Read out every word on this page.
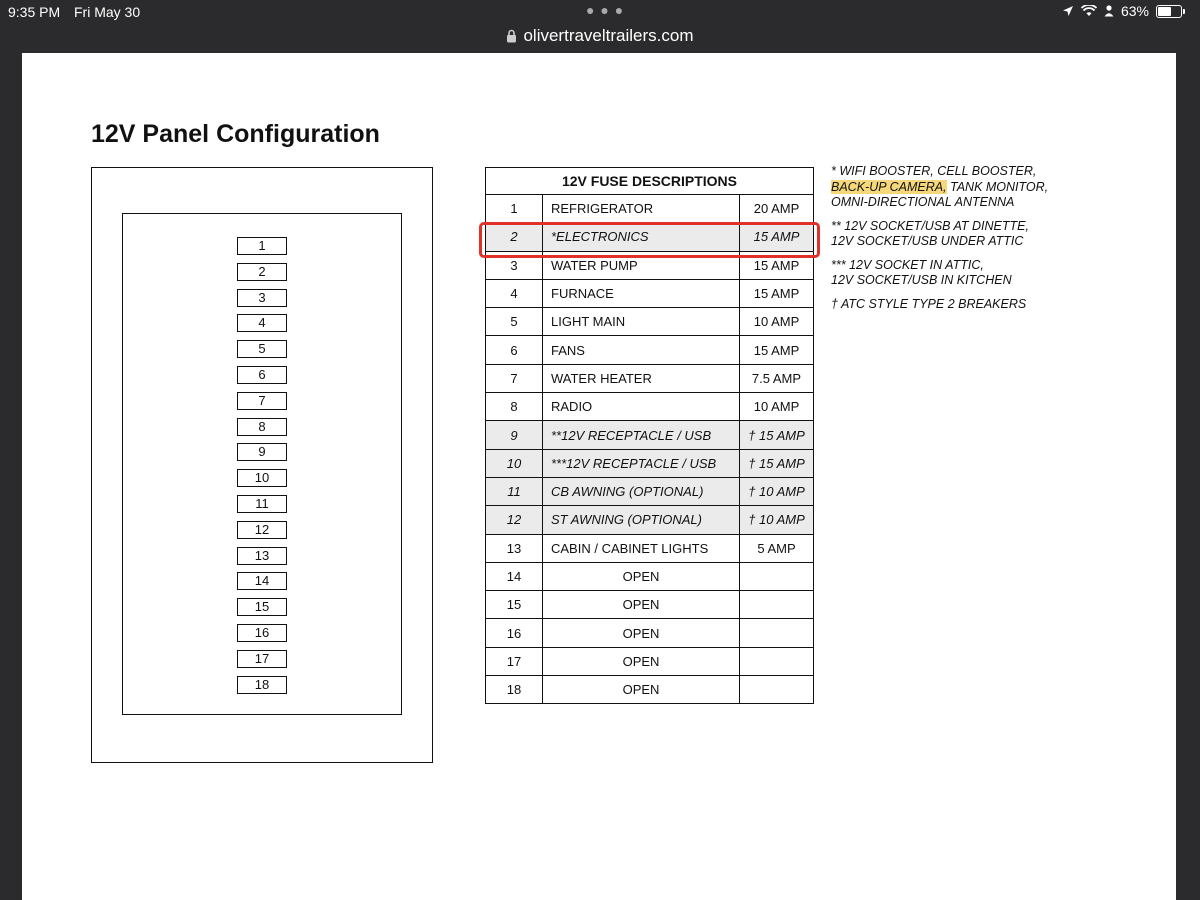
9:35 PM Fri May 30	● ● ●	63%
olivertraveltrailers.com
12V Panel Configuration
1
2
3
4
5
6
7
8
9
10
11
12
13
14
15
16
17
18
12V FUSE DESCRIPTIONS		
1	REFRIGERATOR	20 AMP
2	*ELECTRONICS	15 AMP
3	WATER PUMP	15 AMP
4	FURNACE	15 AMP
5	LIGHT MAIN	10 AMP
6	FANS	15 AMP
7	WATER HEATER	7.5 AMP
8	RADIO	10 AMP
9	**12V RECEPTACLE / USB	† 15 AMP
10	***12V RECEPTACLE / USB	† 15 AMP
11	CB AWNING (OPTIONAL)	† 10 AMP
12	ST AWNING (OPTIONAL)	† 10 AMP
13	CABIN / CABINET LIGHTS	5 AMP
14	OPEN	
15	OPEN	
16	OPEN	
17	OPEN	
18	OPEN	

* WIFI BOOSTER, CELL BOOSTER,
BACK-UP CAMERA, TANK MONITOR,
OMNI-DIRECTIONAL ANTENNA

** 12V SOCKET/USB AT DINETTE,
12V SOCKET/USB UNDER ATTIC

*** 12V SOCKET IN ATTIC,
12V SOCKET/USB IN KITCHEN

† ATC STYLE TYPE 2 BREAKERS
